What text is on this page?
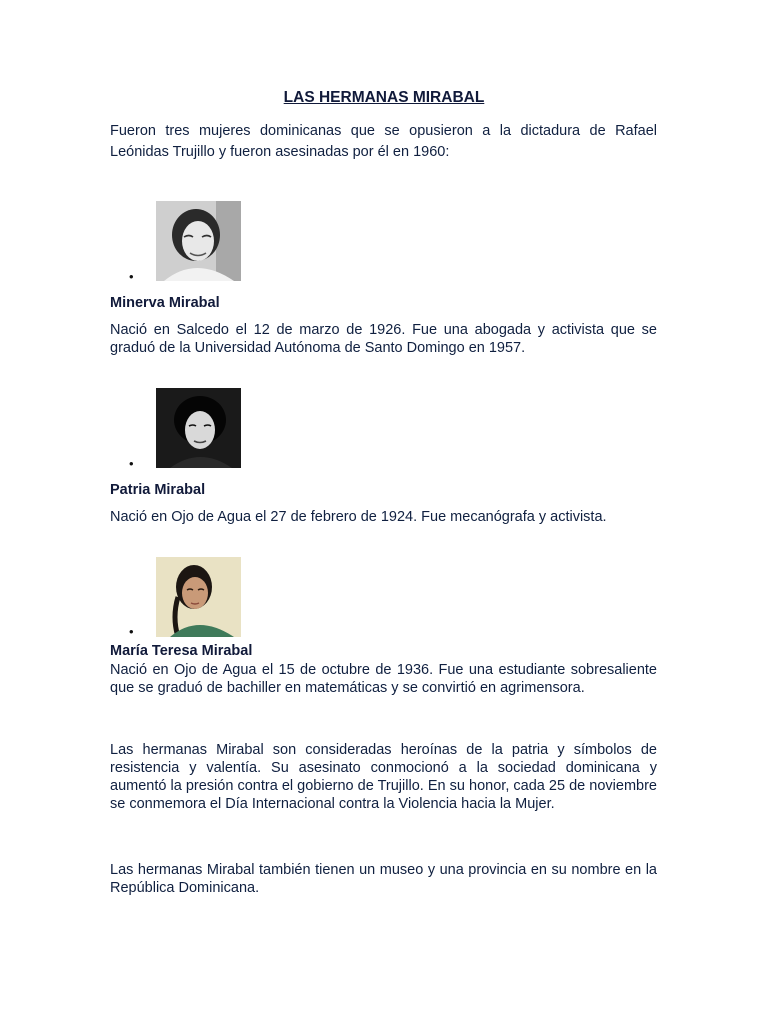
LAS HERMANAS MIRABAL

Fueron tres mujeres dominicanas que se opusieron a la dictadura de Rafael Leónidas Trujillo y fueron asesinadas por él en 1960:

•
Minerva Mirabal

Nació en Salcedo el 12 de marzo de 1926. Fue una abogada y activista que se graduó de la Universidad Autónoma de Santo Domingo en 1957.

•
Patria Mirabal

Nació en Ojo de Agua el 27 de febrero de 1924. Fue mecanógrafa y activista.

•
María Teresa Mirabal

Nació en Ojo de Agua el 15 de octubre de 1936. Fue una estudiante sobresaliente que se graduó de bachiller en matemáticas y se convirtió en agrimensora.

Las hermanas Mirabal son consideradas heroínas de la patria y símbolos de resistencia y valentía. Su asesinato conmocionó a la sociedad dominicana y aumentó la presión contra el gobierno de Trujillo. En su honor, cada 25 de noviembre se conmemora el Día Internacional contra la Violencia hacia la Mujer.

Las hermanas Mirabal también tienen un museo y una provincia en su nombre en la República Dominicana.
